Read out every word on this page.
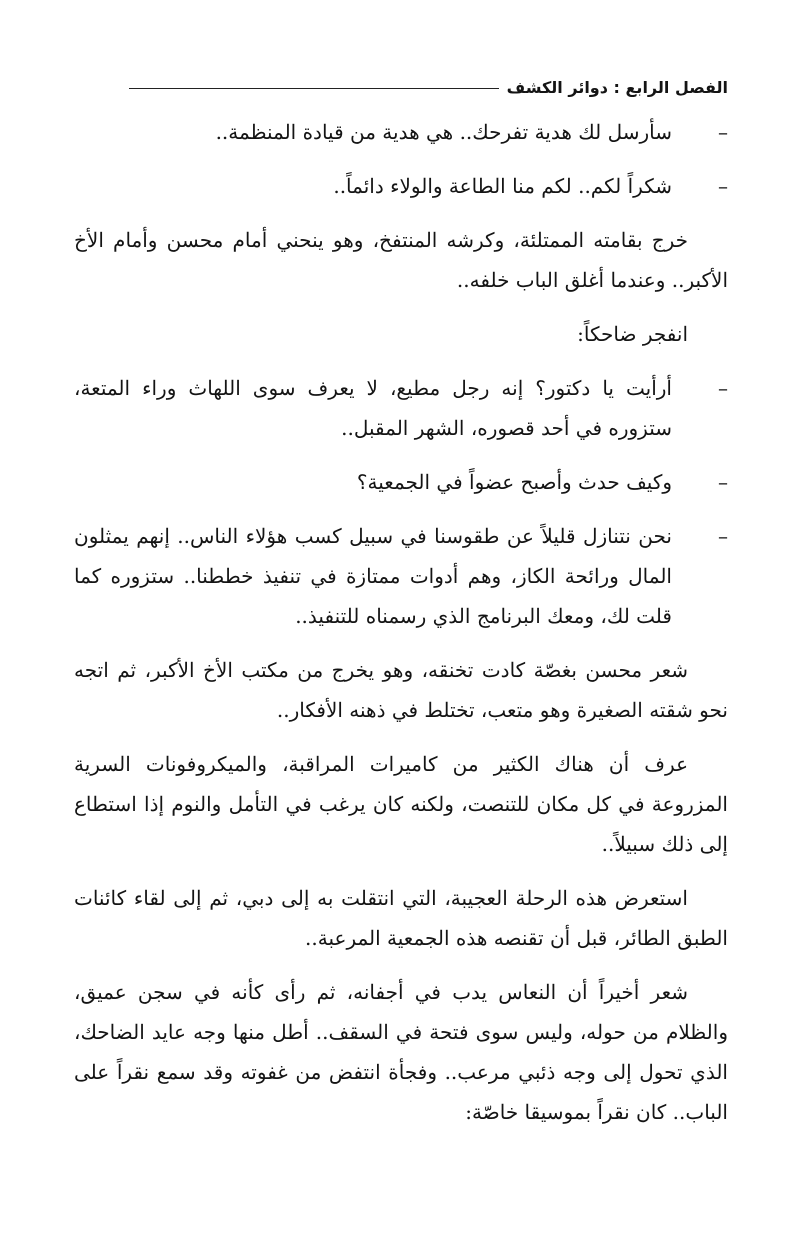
الفصل الرابع : دوائر الكشف

–
سأرسل لك هدية تفرحك.. هي هدية من قيادة المنظمة..

–
شكراً لكم.. لكم منا الطاعة والولاء دائماً..

خرج بقامته الممتلئة، وكرشه المنتفخ، وهو ينحني أمام محسن وأمام الأخ الأكبر.. وعندما أغلق الباب خلفه..

انفجر ضاحكاً:

–
أرأيت يا دكتور؟ إنه رجل مطيع، لا يعرف سوى اللهاث وراء المتعة، ستزوره في أحد قصوره، الشهر المقبل..

–
وكيف حدث وأصبح عضواً في الجمعية؟

–
نحن نتنازل قليلاً عن طقوسنا في سبيل كسب هؤلاء الناس.. إنهم يمثلون المال ورائحة الكاز، وهم أدوات ممتازة في تنفيذ خططنا.. ستزوره كما قلت لك، ومعك البرنامج الذي رسمناه للتنفيذ..

شعر محسن بغصّة كادت تخنقه، وهو يخرج من مكتب الأخ الأكبر، ثم اتجه نحو شقته الصغيرة وهو متعب، تختلط في ذهنه الأفكار..

عرف أن هناك الكثير من كاميرات المراقبة، والميكروفونات السرية المزروعة في كل مكان للتنصت، ولكنه كان يرغب في التأمل والنوم إذا استطاع إلى ذلك سبيلاً..

استعرض هذه الرحلة العجيبة، التي انتقلت به إلى دبي، ثم إلى لقاء كائنات الطبق الطائر، قبل أن تقنصه هذه الجمعية المرعبة..

شعر أخيراً أن النعاس يدب في أجفانه، ثم رأى كأنه في سجن عميق، والظلام من حوله، وليس سوى فتحة في السقف.. أطل منها وجه عايد الضاحك، الذي تحول إلى وجه ذئبي مرعب.. وفجأة انتفض من غفوته وقد سمع نقراً على الباب.. كان نقراً بموسيقا خاصّة:
